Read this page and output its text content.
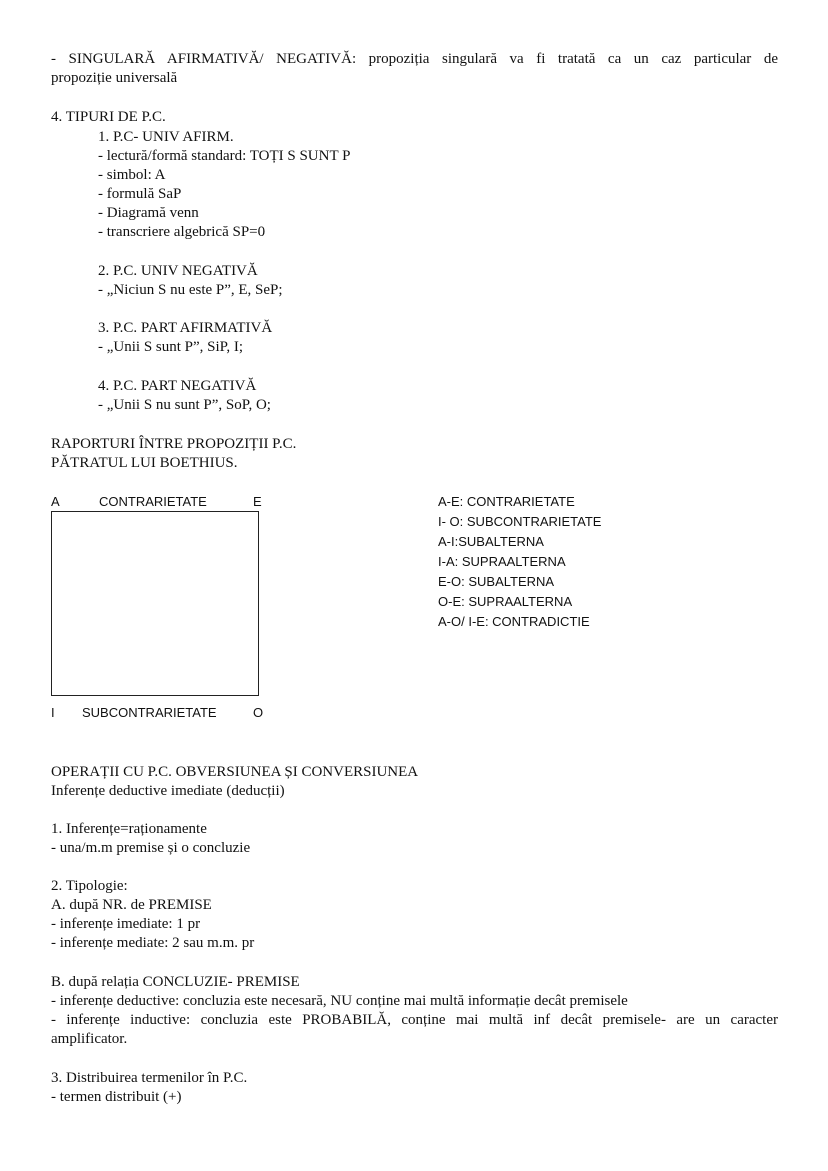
- SINGULARĂ AFIRMATIVĂ/ NEGATIVĂ: propoziția singulară va fi tratată ca un caz particular de
propoziție universală
4. TIPURI DE P.C.
1. P.C- UNIV AFIRM.
- lectură/formă standard: TOȚI S SUNT P
- simbol: A
- formulă SaP
- Diagramă venn
- transcriere algebrică SP=0
2. P.C. UNIV NEGATIVĂ
- „Niciun S nu este P”, E, SeP;
3. P.C. PART AFIRMATIVĂ
- „Unii S sunt P”, SiP, I;
4. P.C. PART NEGATIVĂ
- „Unii S nu sunt P”, SoP, O;
RAPORTURI ÎNTRE PROPOZIȚII P.C.
PĂTRATUL LUI BOETHIUS.
A	CONTRARIETATE	E
I SUBCONTRARIETATE	O
A-E: CONTRARIETATE
I- O: SUBCONTRARIETATE
A-I:SUBALTERNA
I-A: SUPRAALTERNA
E-O: SUBALTERNA
O-E: SUPRAALTERNA
A-O/ I-E: CONTRADICTIE
OPERAȚII CU P.C. OBVERSIUNEA ȘI CONVERSIUNEA
Inferențe deductive imediate (deducții)
1. Inferențe=raționamente
- una/m.m premise și o concluzie
2. Tipologie:
A. după NR. de PREMISE
- inferențe imediate: 1 pr
- inferențe mediate: 2 sau m.m. pr
B. după relația CONCLUZIE- PREMISE
- inferențe deductive: concluzia este necesară, NU conține mai multă informație decât premisele
- inferențe inductive: concluzia este PROBABILĂ, conține mai multă inf decât premisele- are un caracter
amplificator.
3. Distribuirea termenilor în P.C.
- termen distribuit (+)
